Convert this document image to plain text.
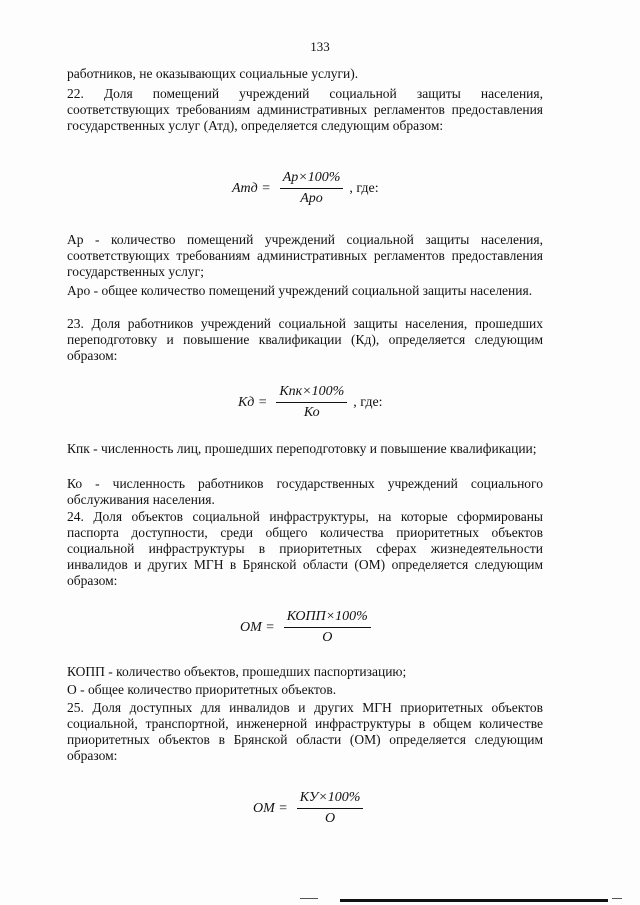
133
работников, не оказывающих социальные услуги).

22. Доля помещений учреждений социальной защиты населения, соответствующих требованиям административных регламентов предоставления государственных услуг (Атд), определяется следующим образом:

Атд = $\frac{Ар\times 100\%}{\text{Аро}}$ , где:

Ар - количество помещений учреждений социальной защиты населения, соответствующих требованиям административных регламентов предоставления государственных услуг;

Аро - общее количество помещений учреждений социальной защиты населения.

23. Доля работников учреждений социальной защиты населения, прошедших переподготовку и повышение квалификации (Кд), определяется следующим образом:

Кд = $\frac{\text{Кпк×100\%}}{Ко}$ , где:

Кпк - численность лиц, прошедших переподготовку и повышение квалификации;

Ко - численность работников государственных учреждений социального обслуживания населения.

24. Доля объектов социальной инфраструктуры, на которые сформированы паспорта доступности, среди общего количества приоритетных объектов социальной инфраструктуры в приоритетных сферах жизнедеятельности инвалидов и других МГН в Брянской области (ОМ) определяется следующим образом:

ОМ = $\frac{\text{КОПП×100\%}}{О}$

КОПП - количество объектов, прошедших паспортизацию;

О - общее количество приоритетных объектов.

25. Доля доступных для инвалидов и других МГН приоритетных объектов социальной, транспортной, инженерной инфраструктуры в общем количестве приоритетных объектов в Брянской области (ОМ) определяется следующим образом:

ОМ = $\frac{КУ\times 100\%}{О}$
